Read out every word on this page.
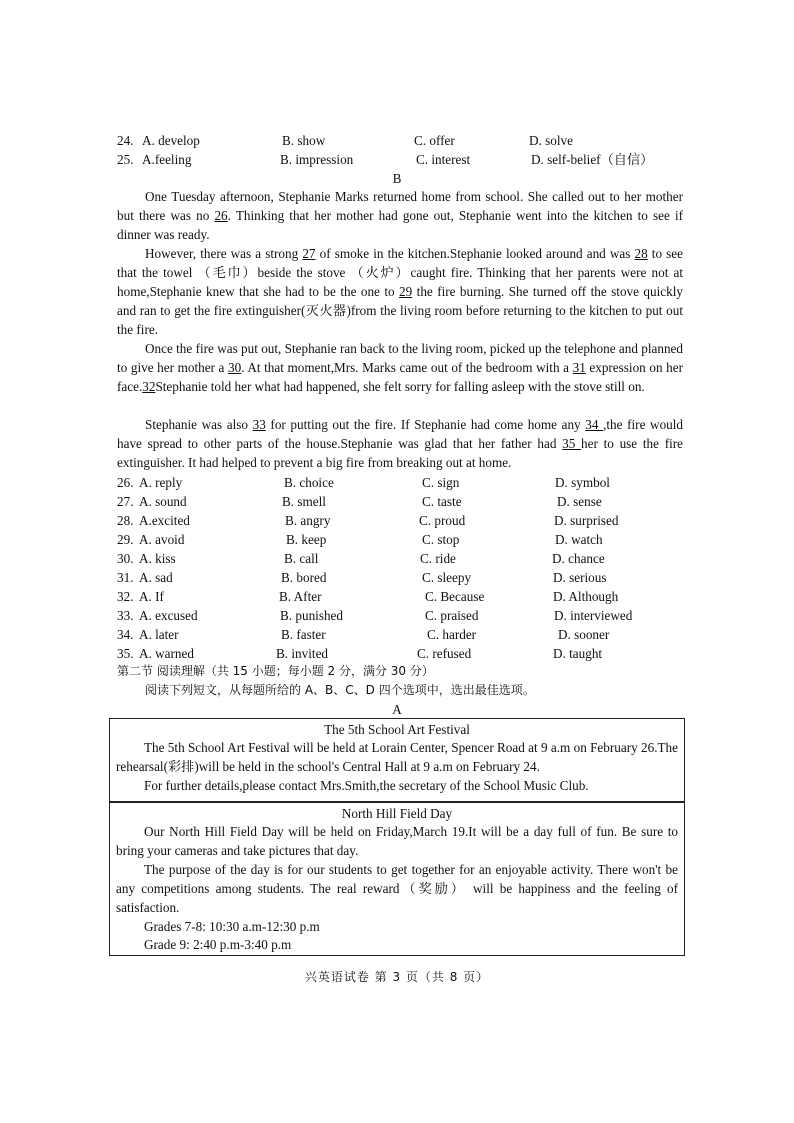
24. A. develop	B. show	C. offer	D. solve
25. A.feeling	B. impression	C. interest	D. self-belief（自信）
B
One Tuesday afternoon, Stephanie Marks returned home from school. She called out to her mother but there was no 26. Thinking that her mother had gone out, Stephanie went into the kitchen to see if dinner was ready.
However, there was a strong 27 of smoke in the kitchen.Stephanie looked around and was 28 to see that the towel （毛巾）beside the stove （火炉）caught fire. Thinking that her parents were not at home,Stephanie knew that she had to be the one to 29 the fire burning. She turned off the stove quickly and ran to get the fire extinguisher(灭火器)from the living room before returning to the kitchen to put out the fire.
Once the fire was put out, Stephanie ran back to the living room, picked up the telephone and planned to give her mother a 30. At that moment,Mrs. Marks came out of the bedroom with a 31 expression on her face.32Stephanie told her what had happened, she felt sorry for falling asleep with the stove still on.
Stephanie was also 33 for putting out the fire. If Stephanie had come home any 34 ,the fire would have spread to other parts of the house.Stephanie was glad that her father had 35 her to use the fire extinguisher. It had helped to prevent a big fire from breaking out at home.
26. A. reply	B. choice	C. sign	D. symbol
27. A. sound	B. smell	C. taste	D. sense
28. A.excited	B. angry	C. proud	D. surprised
29. A. avoid	B. keep	C. stop	D. watch
30. A. kiss	B. call	C. ride	D. chance
31. A. sad	B. bored	C. sleepy	D. serious
32. A. If	B. After	C. Because	D. Although
33. A. excused	B. punished	C. praised	D. interviewed
34. A. later	B. faster	C. harder	D. sooner
35. A. warned	B. invited	C. refused	D. taught
第二节 阅读理解（共 15 小题；每小题 2 分，满分 30 分）
阅读下列短文，从每题所给的 A、B、C、D 四个选项中，选出最佳选项。
A
The 5th School Art Festival
The 5th School Art Festival will be held at Lorain Center, Spencer Road at 9 a.m on February 26.The rehearsal(彩排)will be held in the school's Central Hall at 9 a.m on February 24.
For further details,please contact Mrs.Smith,the secretary of the School Music Club.
North Hill Field Day
Our North Hill Field Day will be held on Friday,March 19.It will be a day full of fun. Be sure to bring your cameras and take pictures that day.
The purpose of the day is for our students to get together for an enjoyable activity. There won't be any competitions among students. The real reward（奖励） will be happiness and the feeling of satisfaction.
Grades 7-8: 10:30 a.m-12:30 p.m
Grade 9: 2:40 p.m-3:40 p.m
兴英语试卷 第 3 页（共 8 页）
